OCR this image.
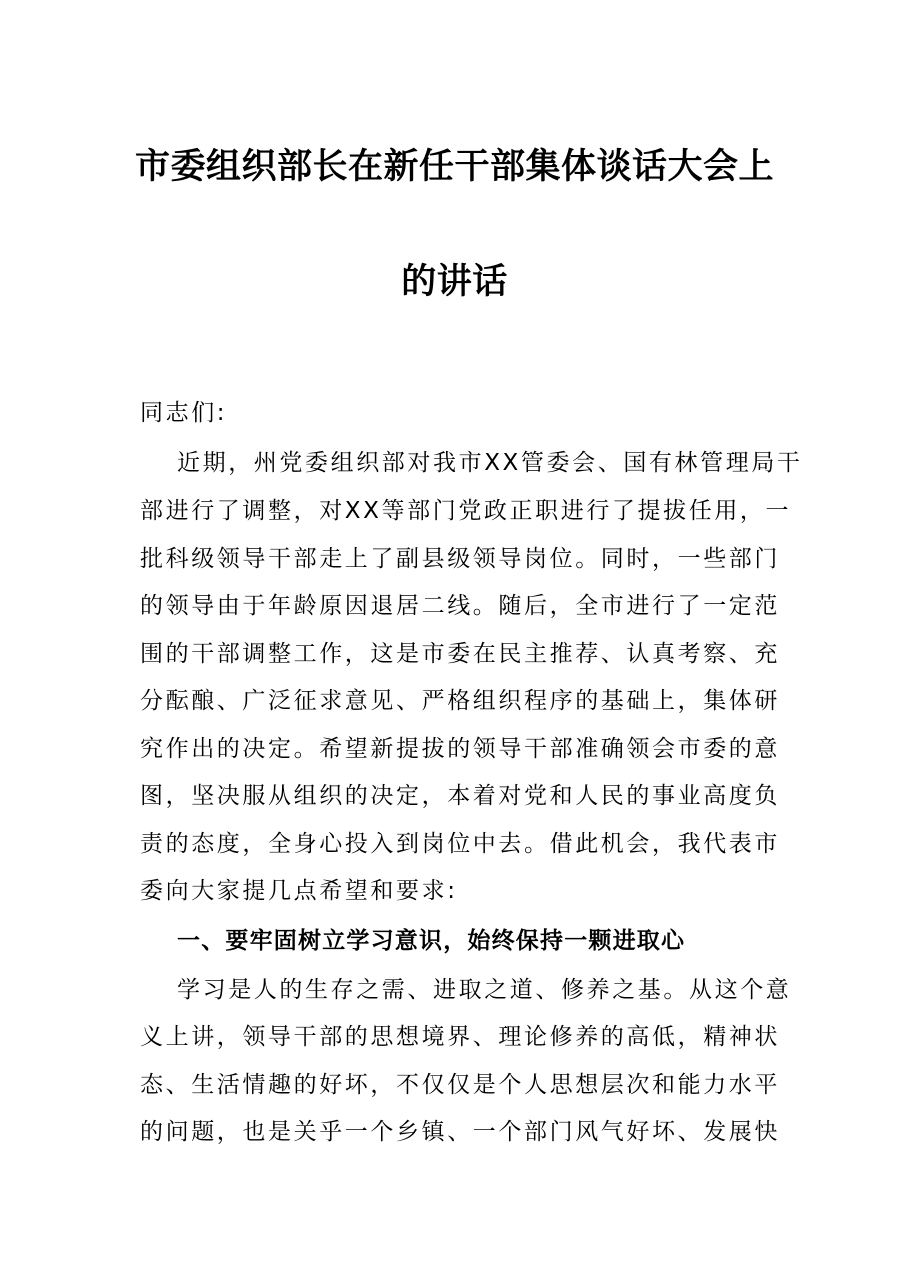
市委组织部长在新任干部集体谈话大会上
的讲话
同志们:
近期，州党委组织部对我市XX管委会、国有林管理局干
部进行了调整，对XX等部门党政正职进行了提拔任用，一
批科级领导干部走上了副县级领导岗位。同时，一些部门
的领导由于年龄原因退居二线。随后，全市进行了一定范
围的干部调整工作，这是市委在民主推荐、认真考察、充
分酝酿、广泛征求意见、严格组织程序的基础上，集体研
究作出的决定。希望新提拔的领导干部准确领会市委的意
图，坚决服从组织的决定，本着对党和人民的事业高度负
责的态度，全身心投入到岗位中去。借此机会，我代表市
委向大家提几点希望和要求:
一、要牢固树立学习意识，始终保持一颗进取心
学习是人的生存之需、进取之道、修养之基。从这个意
义上讲，领导干部的思想境界、理论修养的高低，精神状
态、生活情趣的好坏，不仅仅是个人思想层次和能力水平
的问题，也是关乎一个乡镇、一个部门风气好坏、发展快
